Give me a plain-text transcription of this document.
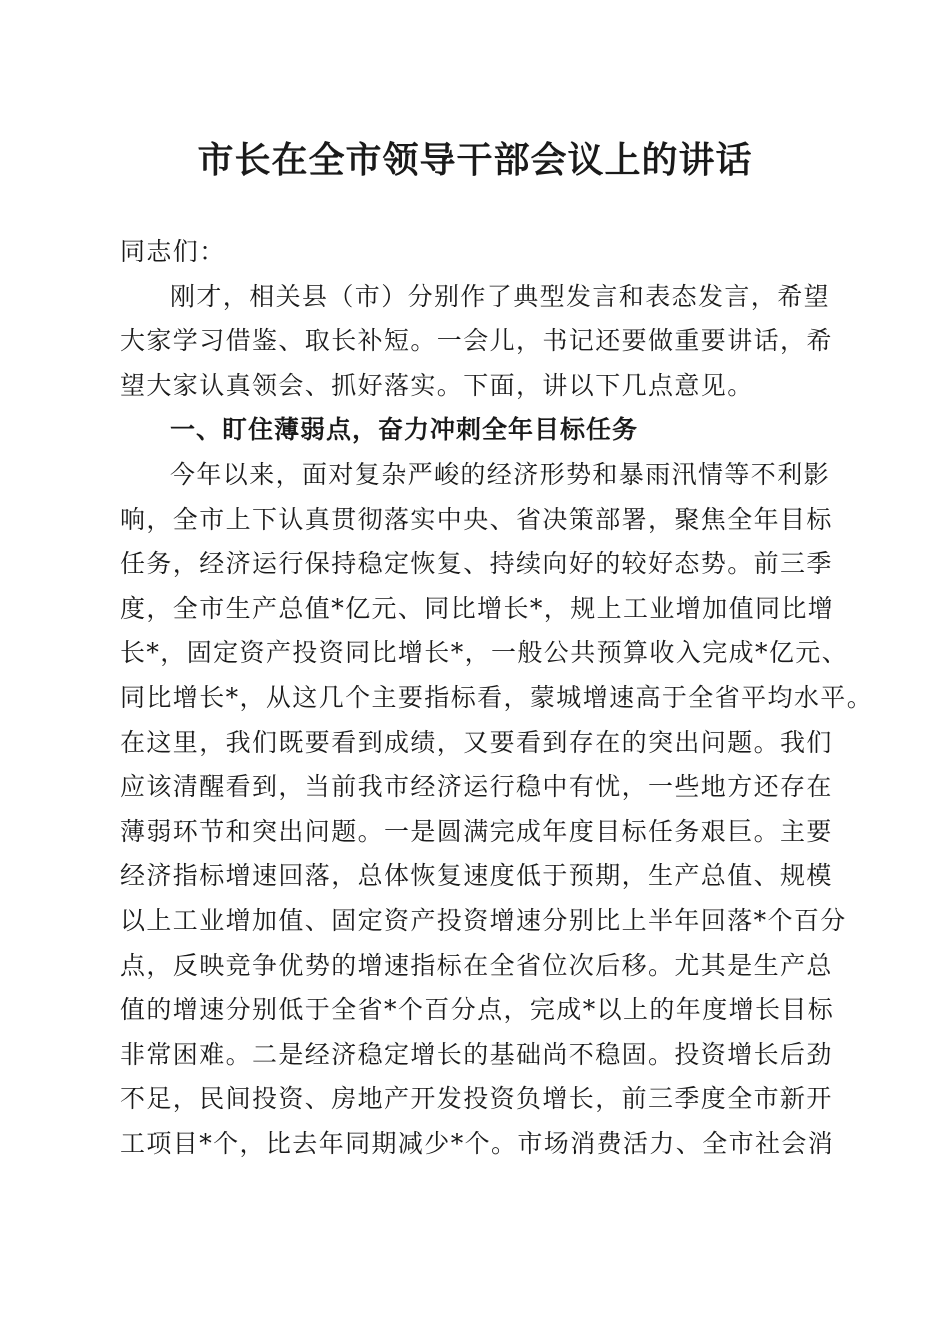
市长在全市领导干部会议上的讲话

同志们：

刚才，相关县（市）分别作了典型发言和表态发言，希望
大家学习借鉴、取长补短。一会儿，书记还要做重要讲话，希
望大家认真领会、抓好落实。下面，讲以下几点意见。

一、盯住薄弱点，奋力冲刺全年目标任务

今年以来，面对复杂严峻的经济形势和暴雨汛情等不利影
响，全市上下认真贯彻落实中央、省决策部署，聚焦全年目标
任务，经济运行保持稳定恢复、持续向好的较好态势。前三季
度，全市生产总值*亿元、同比增长*，规上工业增加值同比增
长*，固定资产投资同比增长*，一般公共预算收入完成*亿元、
同比增长*，从这几个主要指标看，蒙城增速高于全省平均水平。
在这里，我们既要看到成绩，又要看到存在的突出问题。我们
应该清醒看到，当前我市经济运行稳中有忧，一些地方还存在
薄弱环节和突出问题。一是圆满完成年度目标任务艰巨。主要
经济指标增速回落，总体恢复速度低于预期，生产总值、规模
以上工业增加值、固定资产投资增速分别比上半年回落*个百分
点，反映竞争优势的增速指标在全省位次后移。尤其是生产总
值的增速分别低于全省*个百分点，完成*以上的年度增长目标
非常困难。二是经济稳定增长的基础尚不稳固。投资增长后劲
不足，民间投资、房地产开发投资负增长，前三季度全市新开
工项目*个，比去年同期减少*个。市场消费活力、全市社会消
